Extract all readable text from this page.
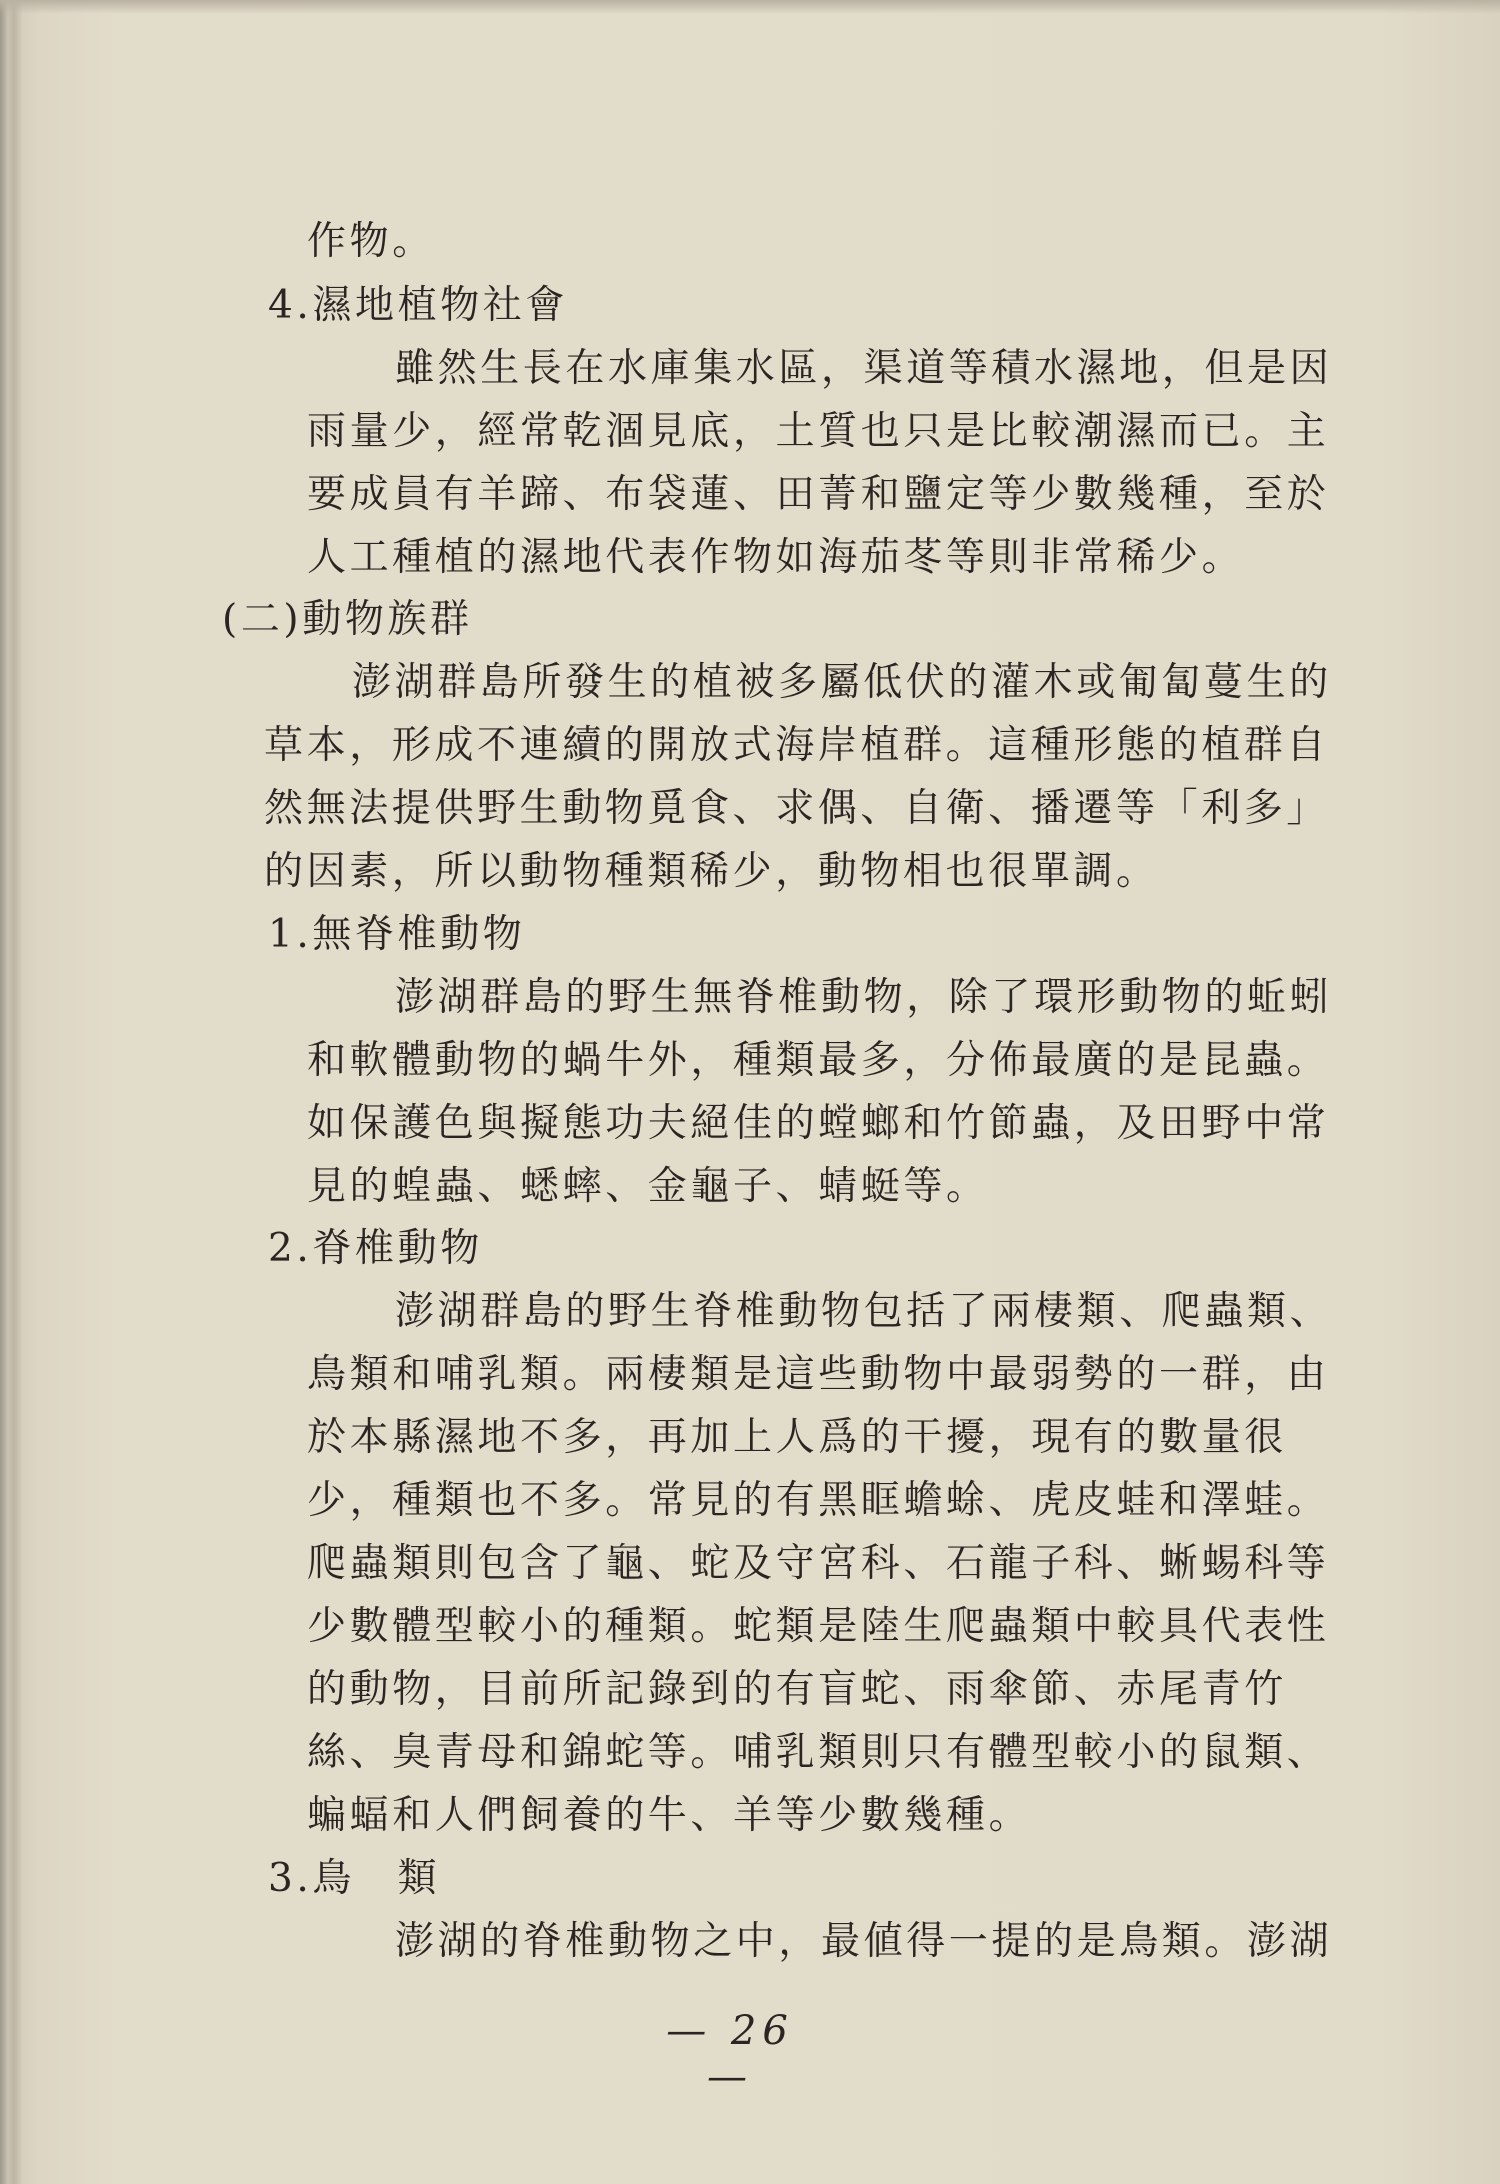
作物。

4.濕地植物社會

雖然生長在水庫集水區，渠道等積水濕地，但是因

雨量少，經常乾涸見底，土質也只是比較潮濕而已。主

要成員有羊蹄、布袋蓮、田菁和鹽定等少數幾種，至於

人工種植的濕地代表作物如海茄苳等則非常稀少。

(二)動物族群

澎湖群島所發生的植被多屬低伏的灌木或匍匐蔓生的

草本，形成不連續的開放式海岸植群。這種形態的植群自

然無法提供野生動物覓食、求偶、自衛、播遷等「利多」

的因素，所以動物種類稀少，動物相也很單調。

1.無脊椎動物

澎湖群島的野生無脊椎動物，除了環形動物的蚯蚓

和軟體動物的蝸牛外，種類最多，分佈最廣的是昆蟲。

如保護色與擬態功夫絕佳的螳螂和竹節蟲，及田野中常

見的蝗蟲、蟋蟀、金龜子、蜻蜓等。

2.脊椎動物

澎湖群島的野生脊椎動物包括了兩棲類、爬蟲類、

鳥類和哺乳類。兩棲類是這些動物中最弱勢的一群，由

於本縣濕地不多，再加上人爲的干擾，現有的數量很

少，種類也不多。常見的有黑眶蟾蜍、虎皮蛙和澤蛙。

爬蟲類則包含了龜、蛇及守宮科、石龍子科、蜥蜴科等

少數體型較小的種類。蛇類是陸生爬蟲類中較具代表性

的動物，目前所記錄到的有盲蛇、雨傘節、赤尾青竹

絲、臭青母和錦蛇等。哺乳類則只有體型較小的鼠類、

蝙蝠和人們飼養的牛、羊等少數幾種。

3.鳥　類

澎湖的脊椎動物之中，最値得一提的是鳥類。澎湖

— 26 —
